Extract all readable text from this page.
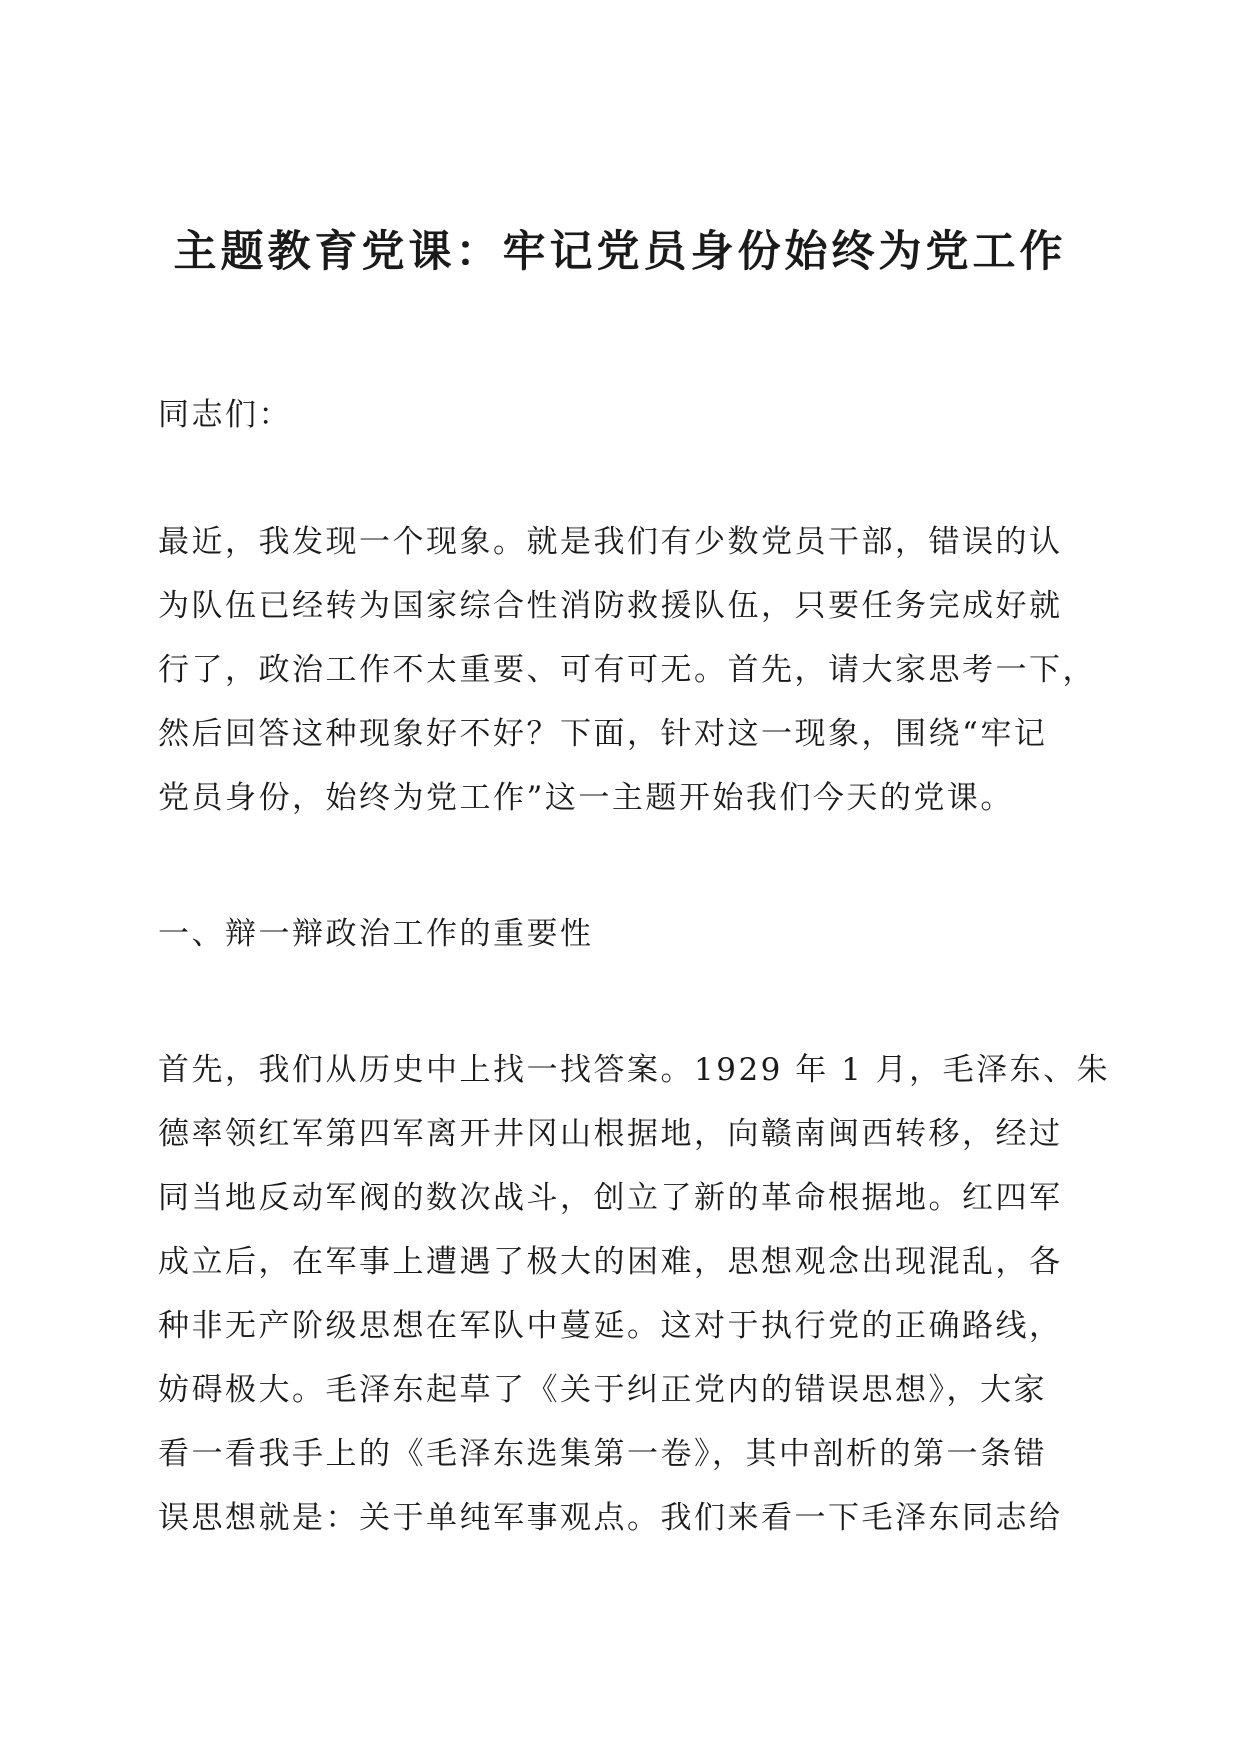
主题教育党课：牢记党员身份始终为党工作
同志们：
最近，我发现一个现象。就是我们有少数党员干部，错误的认
为队伍已经转为国家综合性消防救援队伍，只要任务完成好就
行了，政治工作不太重要、可有可无。首先，请大家思考一下，
然后回答这种现象好不好？下面，针对这一现象，围绕“牢记
党员身份，始终为党工作”这一主题开始我们今天的党课。
一、辩一辩政治工作的重要性
首先，我们从历史中上找一找答案。1929 年 1 月，毛泽东、朱
德率领红军第四军离开井冈山根据地，向赣南闽西转移，经过
同当地反动军阀的数次战斗，创立了新的革命根据地。红四军
成立后，在军事上遭遇了极大的困难，思想观念出现混乱，各
种非无产阶级思想在军队中蔓延。这对于执行党的正确路线，
妨碍极大。毛泽东起草了《关于纠正党内的错误思想》，大家
看一看我手上的《毛泽东选集第一卷》，其中剖析的第一条错
误思想就是：关于单纯军事观点。我们来看一下毛泽东同志给
